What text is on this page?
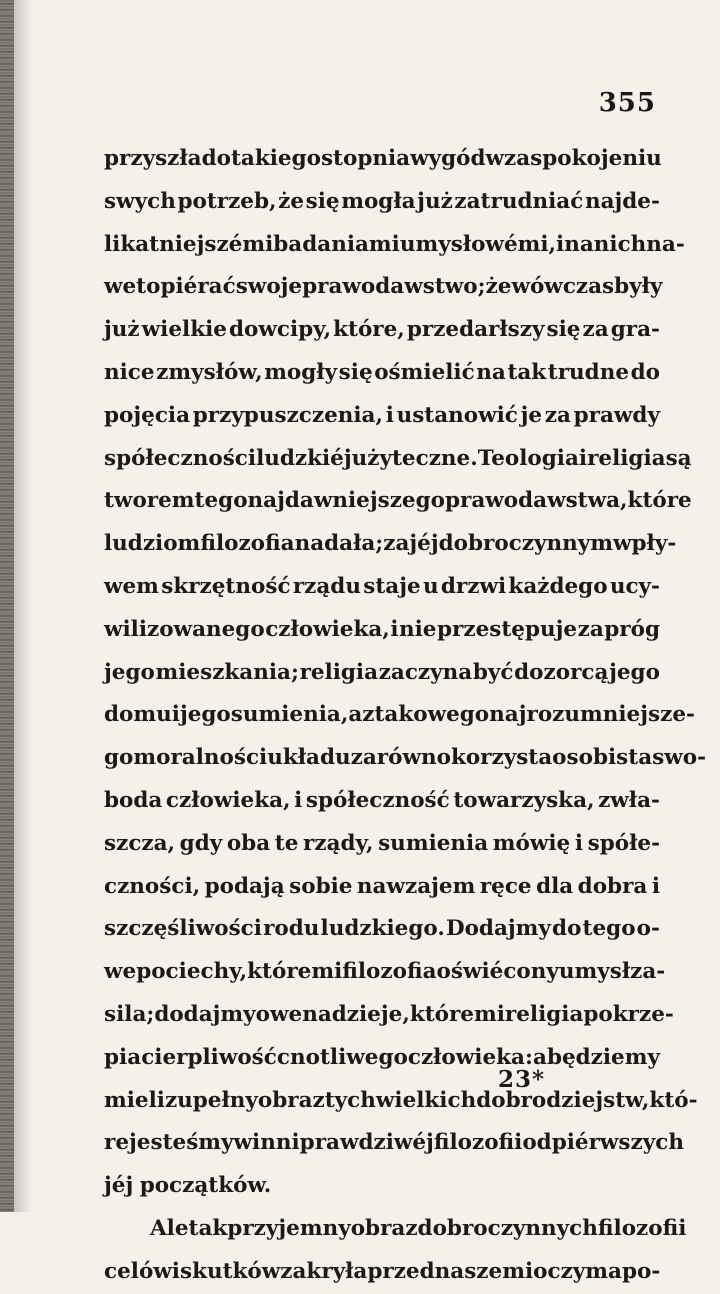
355
przyszła do takiego stopnia wygód w zaspokojeniu
swych potrzeb, że się mogła już zatrudniać najde-
likatniejszémi badaniami umysłowémi, i na nich na-
wet opiérać swoje prawodawstwo; że w ówczas były
już wielkie dowcipy, które, przedarłszy się za gra-
nice zmysłów, mogły się ośmielić na tak trudne do
pojęcia przypuszczenia, i ustanowić je za prawdy
spółeczności ludzkiéj użyteczne. Teologia i religia są
tworem tego najdawniejszego prawodawstwa, które
ludziom filozofia nadała; za jéj dobroczynnym wpły-
wem skrzętność rządu staje u drzwi każdego ucy-
wilizowanego człowieka, i nie przestępuje za próg
jego mieszkania; religia zaczyna być dozorcą jego
domu i jego sumienia, a z takowego najrozumniejsze-
go moralności układu zarówno korzysta osobista swo-
boda człowieka, i spółeczność towarzyska, zwła-
szcza, gdy oba te rządy, sumienia mówię i spółe-
czności, podają sobie nawzajem ręce dla dobra i
szczęśliwości rodu ludzkiego. Dodajmy do tego o-
we pociechy, któremi filozofia oświécony umysł za-
sila; dodajmy owe nadzieje, któremi religia pokrze-
pia cierpliwość cnotliwego człowieka: a będziemy
mieli zupełny obraz tych wielkich dobrodziejstw, któ-
re jesteśmy winni prawdziwéj filozofii od piérwszych
jéj początków.
Ale tak przyjemny obraz dobroczynnych filozofii
celów i skutków zakryła przed naszemi oczyma po-
23*
